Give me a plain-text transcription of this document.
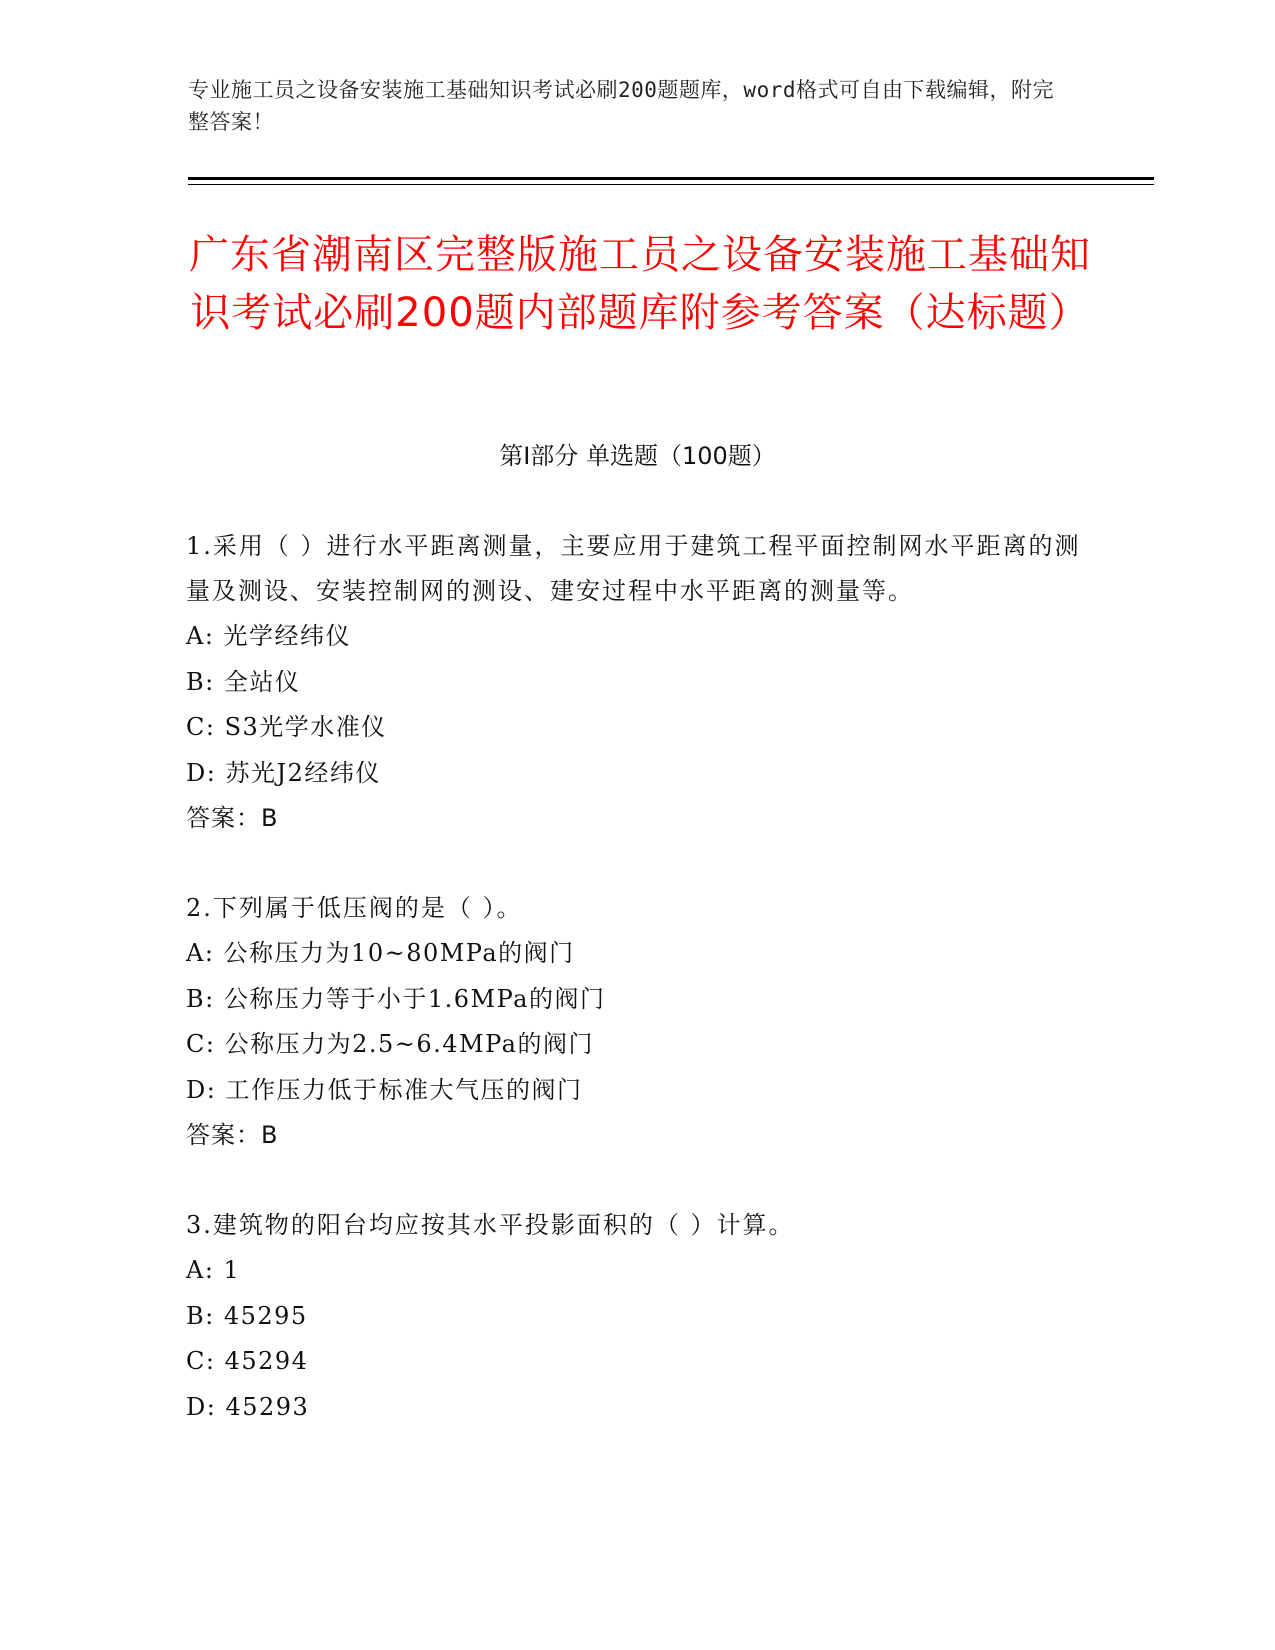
专业施工员之设备安装施工基础知识考试必刷200题题库，word格式可自由下载编辑，附完整答案！
广东省潮南区完整版施工员之设备安装施工基础知识考试必刷200题内部题库附参考答案（达标题）
第I部分 单选题（100题）
1.采用（ ）进行水平距离测量，主要应用于建筑工程平面控制网水平距离的测量及测设、安装控制网的测设、建安过程中水平距离的测量等。
A: 光学经纬仪
B: 全站仪
C: S3光学水准仪
D: 苏光J2经纬仪
答案：B
2.下列属于低压阀的是（ ）。
A: 公称压力为10~80MPa的阀门
B: 公称压力等于小于1.6MPa的阀门
C: 公称压力为2.5~6.4MPa的阀门
D: 工作压力低于标准大气压的阀门
答案：B
3.建筑物的阳台均应按其水平投影面积的（ ）计算。
A: 1
B: 45295
C: 45294
D: 45293
